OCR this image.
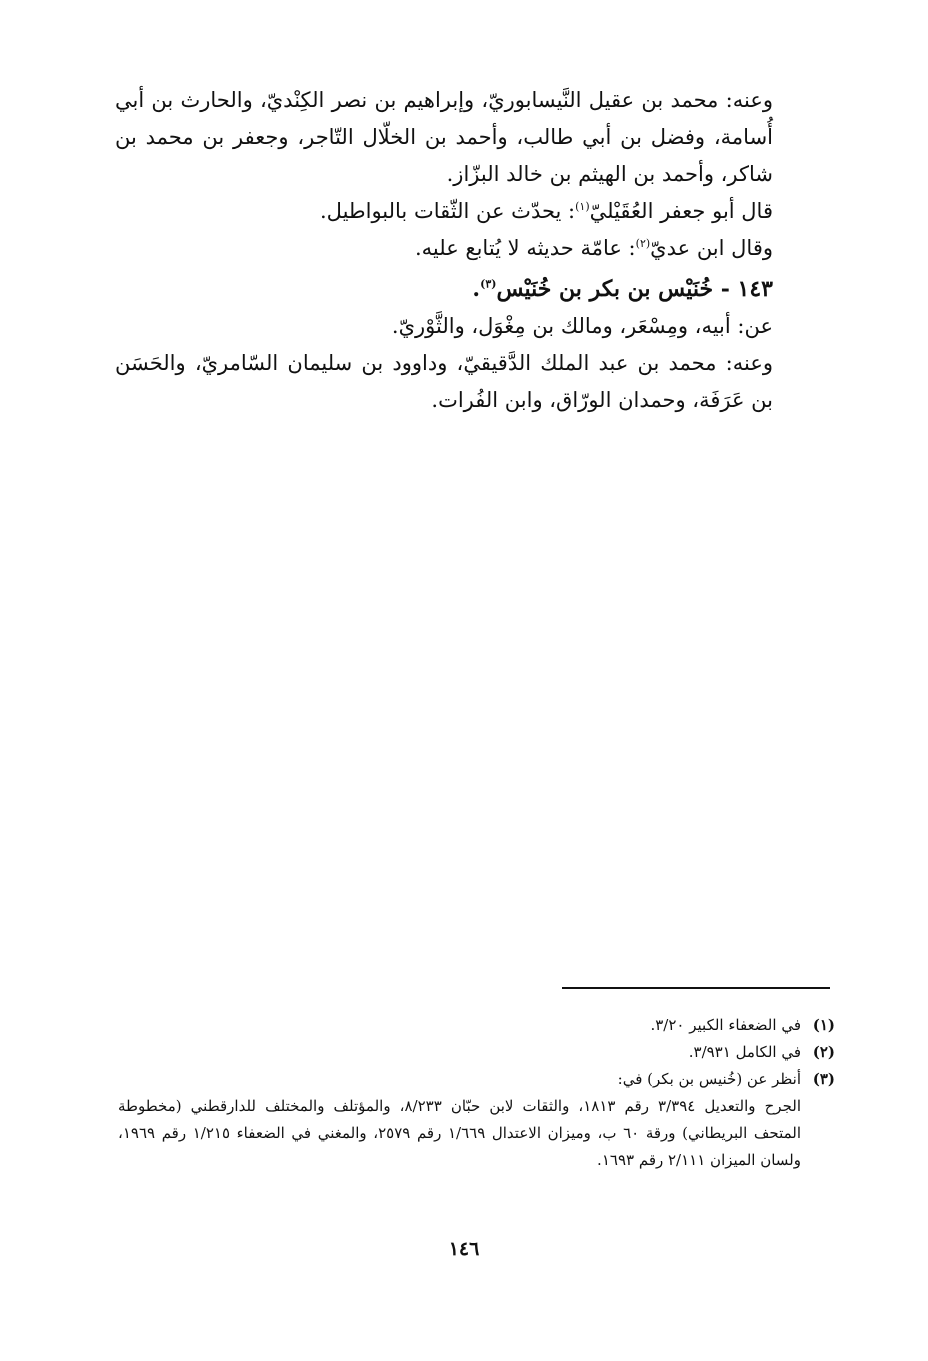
وعنه: محمد بن عقيل النَّيسابوريّ، وإبراهيم بن نصر الكِنْديّ، والحارث بن أبي أُسامة، وفضل بن أبي طالب، وأحمد بن الخلّال التّاجر، وجعفر بن محمد بن شاكر، وأحمد بن الهيثم بن خالد البزّاز.

قال أبو جعفر العُقَيْليّ$^{(١)}$: يحدّث عن الثّقات بالبواطيل.

وقال ابن عديّ$^{(٢)}$: عامّة حديثه لا يُتابع عليه.

١٤٣ - خُنَيْس بن بكر بن خُنَيْس$^{(٣)}$.

عن: أبيه، ومِسْعَر، ومالك بن مِغْوَل، والثَّوْريّ.

وعنه: محمد بن عبد الملك الدَّقيقيّ، وداوود بن سليمان السّامريّ، والحَسَن بن عَرَفَة، وحمدان الورّاق، وابن الفُرات.

(١)
في الضعفاء الكبير ٣/٢٠.

(٢)
في الكامل ٣/٩٣١.

(٣)
أنظر عن (خُنيس بن بكر) في:

الجرح والتعديل ٣/٣٩٤ رقم ١٨١٣، والثقات لابن حبّان ٨/٢٣٣، والمؤتلف والمختلف للدارقطني (مخطوطة المتحف البريطاني) ورقة ٦٠ ب، وميزان الاعتدال ١/٦٦٩ رقم ٢٥٧٩، والمغني في الضعفاء ١/٢١٥ رقم ١٩٦٩، ولسان الميزان ٢/١١١ رقم ١٦٩٣.

١٤٦
